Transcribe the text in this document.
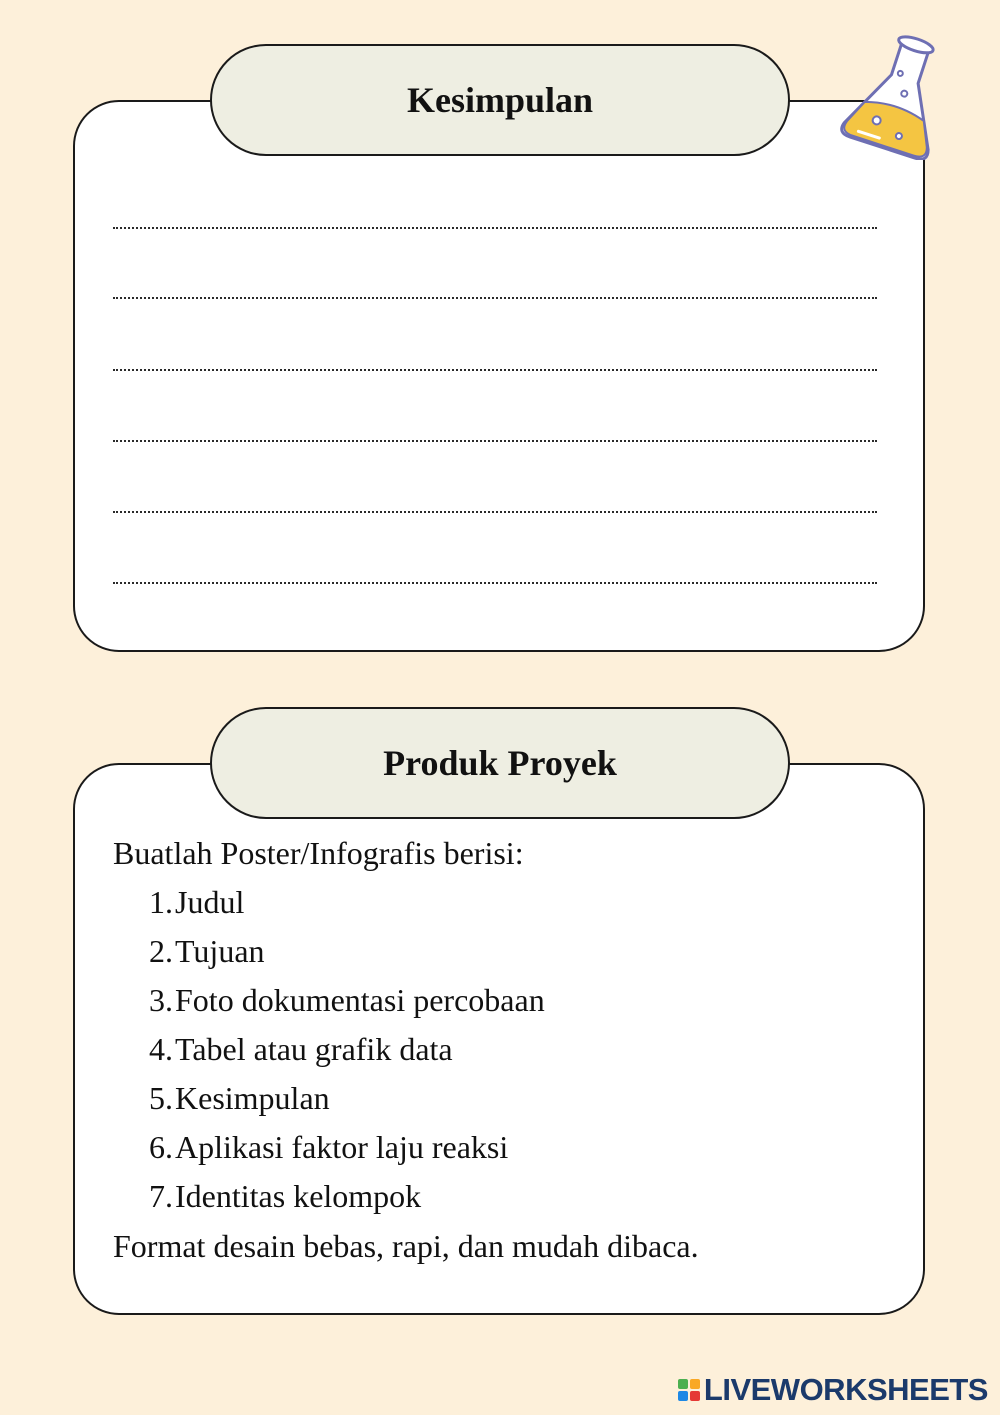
Kesimpulan
Produk Proyek
Buatlah Poster/Infografis berisi:
1. Judul
2. Tujuan
3. Foto dokumentasi percobaan
4. Tabel atau grafik data
5. Kesimpulan
6. Aplikasi faktor laju reaksi
7. Identitas kelompok
Format desain bebas, rapi, dan mudah dibaca.
LIVEWORKSHEETS
